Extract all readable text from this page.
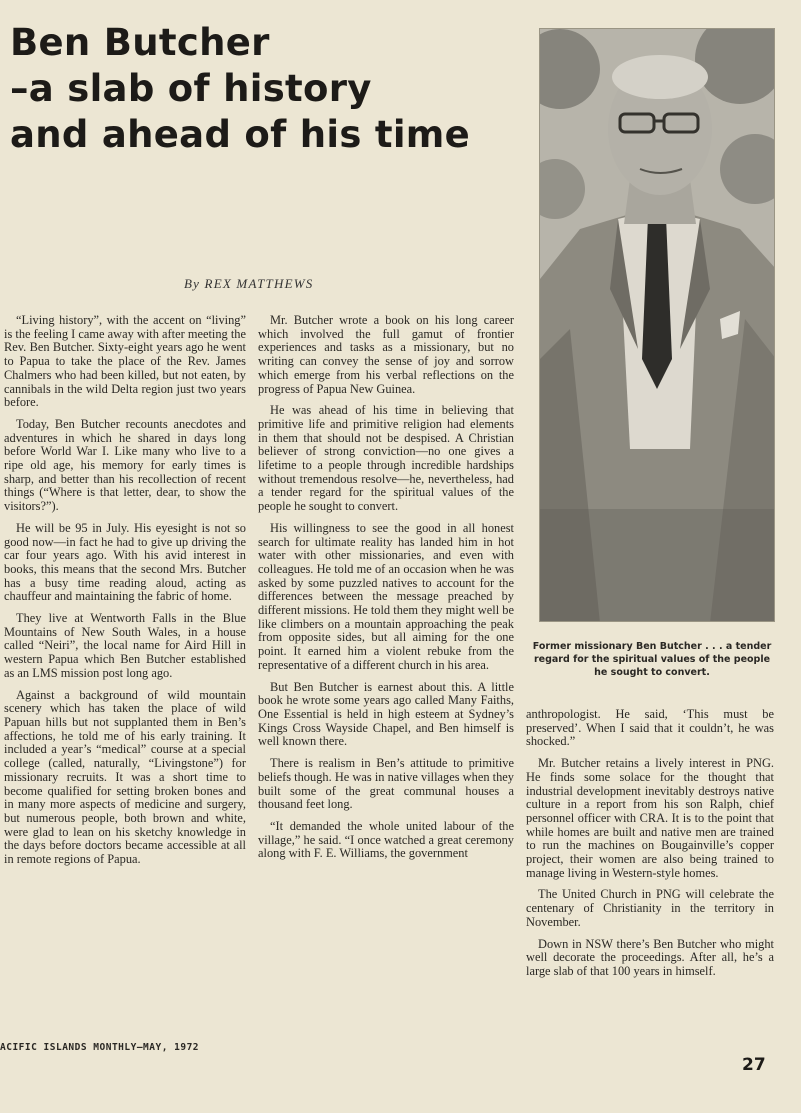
Ben Butcher
–a slab of history
and ahead of his time
By REX MATTHEWS
Former missionary Ben Butcher . . . a tender regard for the spiritual values of the people he sought to convert.

“Living history”, with the accent on “living” is the feeling I came away with after meeting the Rev. Ben Butcher. Sixty-eight years ago he went to Papua to take the place of the Rev. James Chalmers who had been killed, but not eaten, by cannibals in the wild Delta region just two years before.

Today, Ben Butcher recounts anecdotes and adventures in which he shared in days long before World War I. Like many who live to a ripe old age, his memory for early times is sharp, and better than his recollection of recent things (“Where is that letter, dear, to show the visitors?”).

He will be 95 in July. His eyesight is not so good now—in fact he had to give up driving the car four years ago. With his avid interest in books, this means that the second Mrs. Butcher has a busy time reading aloud, acting as chauffeur and maintaining the fabric of home.

They live at Wentworth Falls in the Blue Mountains of New South Wales, in a house called “Neiri”, the local name for Aird Hill in western Papua which Ben Butcher established as an LMS mission post long ago.

Against a background of wild mountain scenery which has taken the place of wild Papuan hills but not supplanted them in Ben’s affections, he told me of his early training. It included a year’s “medical” course at a special college (called, naturally, “Livingstone”) for missionary recruits. It was a short time to become qualified for setting broken bones and in many more aspects of medicine and surgery, but numerous people, both brown and white, were glad to lean on his sketchy knowledge in the days before doctors became accessible at all in remote regions of Papua.

Mr. Butcher wrote a book on his long career which involved the full gamut of frontier experiences and tasks as a missionary, but no writing can convey the sense of joy and sorrow which emerge from his verbal reflections on the progress of Papua New Guinea.

He was ahead of his time in believing that primitive life and primitive religion had elements in them that should not be despised. A Christian believer of strong conviction—no one gives a lifetime to a people through incredible hardships without tremendous resolve—he, nevertheless, had a tender regard for the spiritual values of the people he sought to convert.

His willingness to see the good in all honest search for ultimate reality has landed him in hot water with other missionaries, and even with colleagues. He told me of an occasion when he was asked by some puzzled natives to account for the differences between the message preached by different missions. He told them they might well be like climbers on a mountain approaching the peak from opposite sides, but all aiming for the one point. It earned him a violent rebuke from the representative of a different church in his area.

But Ben Butcher is earnest about this. A little book he wrote some years ago called Many Faiths, One Essential is held in high esteem at Sydney’s Kings Cross Wayside Chapel, and Ben himself is well known there.

There is realism in Ben’s attitude to primitive beliefs though. He was in native villages when they built some of the great communal houses a thousand feet long.

“It demanded the whole united labour of the village,” he said. “I once watched a great ceremony along with F. E. Williams, the government

anthropologist. He said, ‘This must be preserved’. When I said that it couldn’t, he was shocked.”

Mr. Butcher retains a lively interest in PNG. He finds some solace for the thought that industrial development inevitably destroys native culture in a report from his son Ralph, chief personnel officer with CRA. It is to the point that while homes are built and native men are trained to run the machines on Bougainville’s copper project, their women are also being trained to manage living in Western-style homes.

The United Church in PNG will celebrate the centenary of Christianity in the territory in November.

Down in NSW there’s Ben Butcher who might well decorate the proceedings. After all, he’s a large slab of that 100 years in himself.

ACIFIC ISLANDS MONTHLY—MAY, 1972
27
